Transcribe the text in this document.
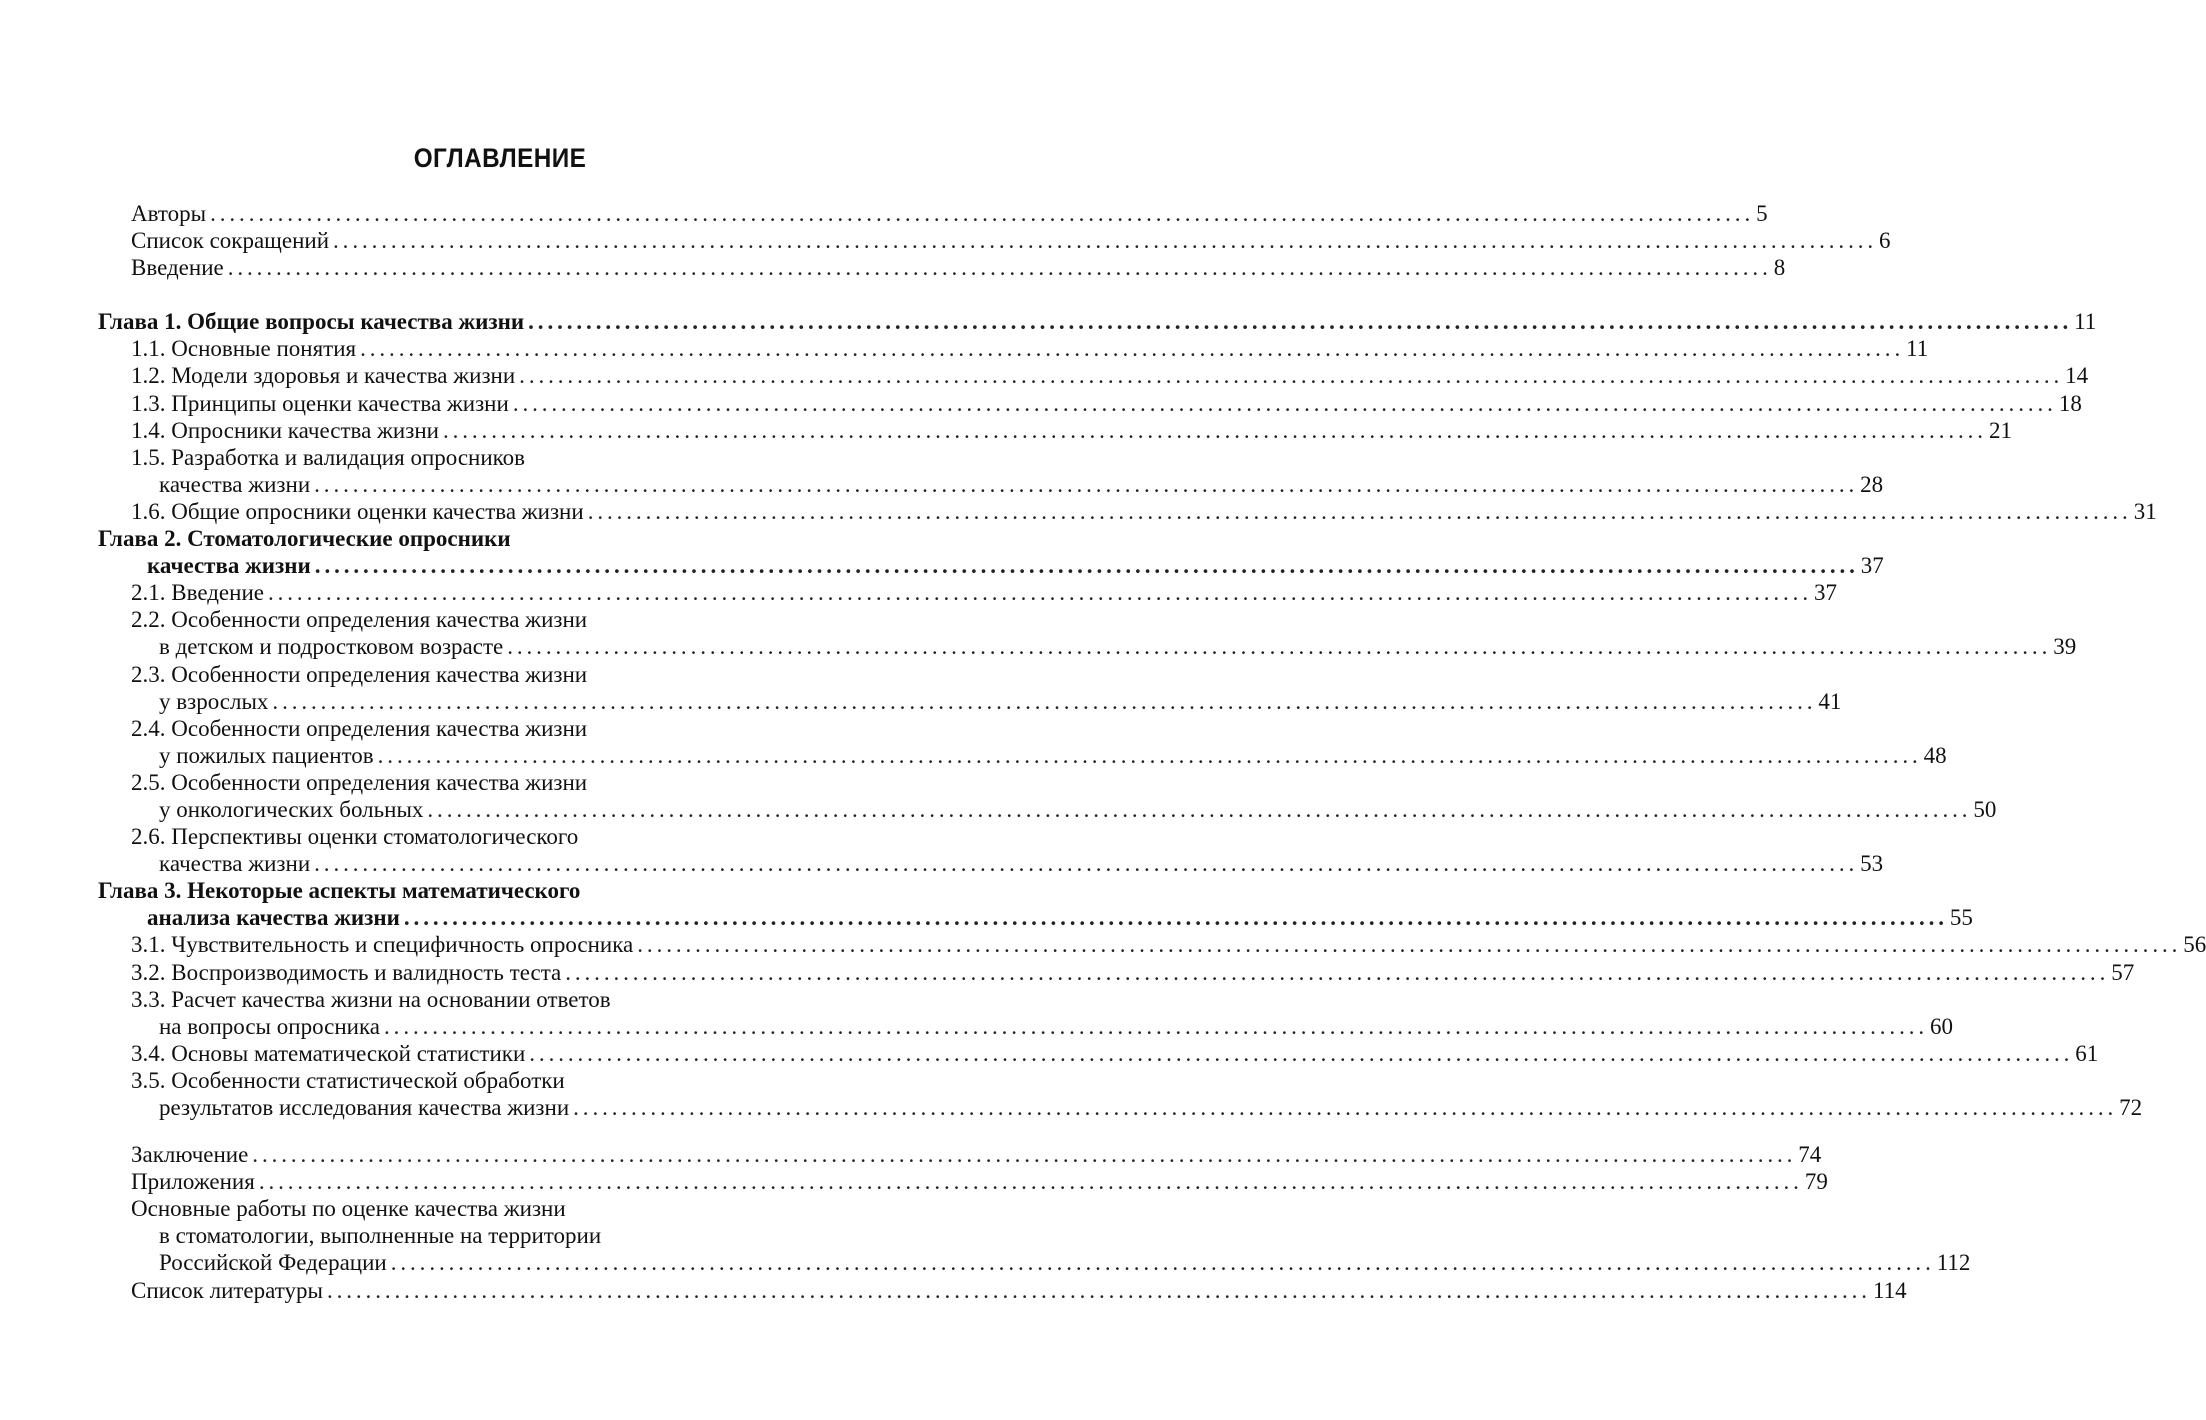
ОГЛАВЛЕНИЕ
Авторы ................................................................................................................................................................ 5
Список сокращений ................................................................................................................................................................ 6
Введение ................................................................................................................................................................ 8
Глава 1. Общие вопросы качества жизни ................................................................................................................................................................ 11
1.1. Основные понятия ................................................................................................................................................................ 11
1.2. Модели здоровья и качества жизни ................................................................................................................................................................ 14
1.3. Принципы оценки качества жизни ................................................................................................................................................................ 18
1.4. Опросники качества жизни ................................................................................................................................................................ 21
1.5. Разработка и валидация опросников
качества жизни ................................................................................................................................................................ 28
1.6. Общие опросники оценки качества жизни ................................................................................................................................................................ 31
Глава 2. Стоматологические опросники
качества жизни ................................................................................................................................................................ 37
2.1. Введение ................................................................................................................................................................ 37
2.2. Особенности определения качества жизни
в детском и подростковом возрасте ................................................................................................................................................................ 39
2.3. Особенности определения качества жизни
у взрослых ................................................................................................................................................................ 41
2.4. Особенности определения качества жизни
у пожилых пациентов ................................................................................................................................................................ 48
2.5. Особенности определения качества жизни
у онкологических больных ................................................................................................................................................................ 50
2.6. Перспективы оценки стоматологического
качества жизни ................................................................................................................................................................ 53
Глава 3. Некоторые аспекты математического
анализа качества жизни ................................................................................................................................................................ 55
3.1. Чувствительность и специфичность опросника ................................................................................................................................................................ 56
3.2. Воспроизводимость и валидность теста ................................................................................................................................................................ 57
3.3. Расчет качества жизни на основании ответов
на вопросы опросника ................................................................................................................................................................ 60
3.4. Основы математической статистики ................................................................................................................................................................ 61
3.5. Особенности статистической обработки
результатов исследования качества жизни ................................................................................................................................................................ 72
Заключение ................................................................................................................................................................ 74
Приложения ................................................................................................................................................................ 79
Основные работы по оценке качества жизни
в стоматологии, выполненные на территории
Российской Федерации ................................................................................................................................................................ 112
Список литературы ................................................................................................................................................................ 114
